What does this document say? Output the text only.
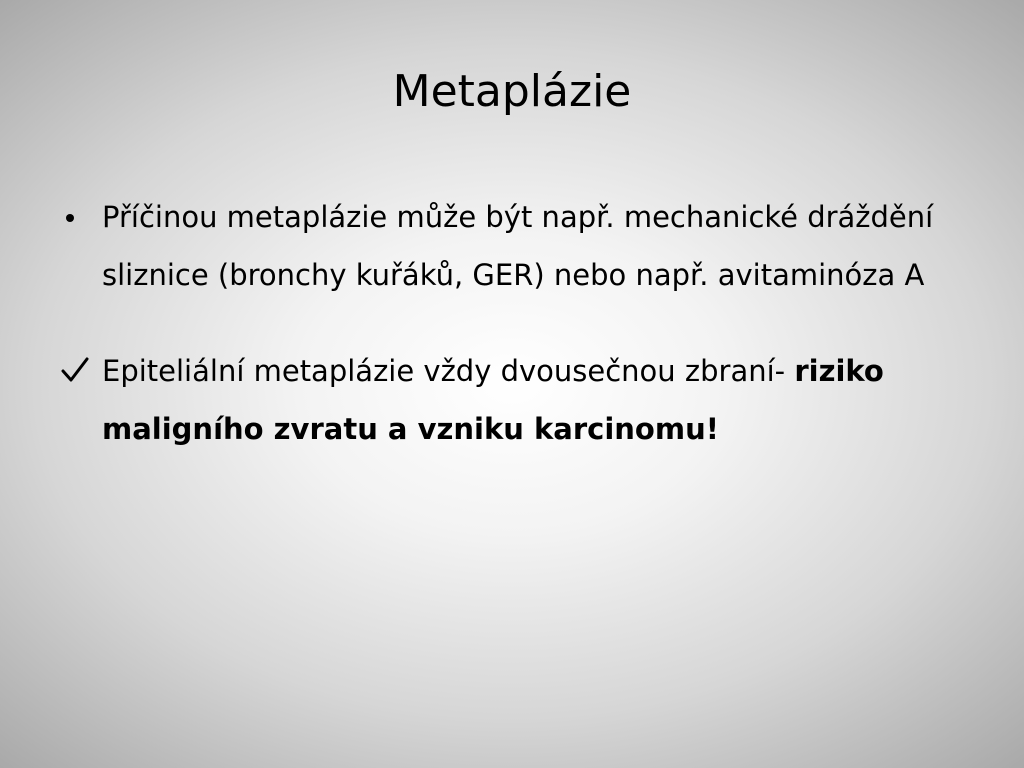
Metaplázie

Příčinou metaplázie může být např. mechanické dráždění sliznice (bronchy kuřáků, GER) nebo např. avitaminóza A

Epiteliální metaplázie vždy dvousečnou zbraní- riziko maligního zvratu a vzniku karcinomu!
